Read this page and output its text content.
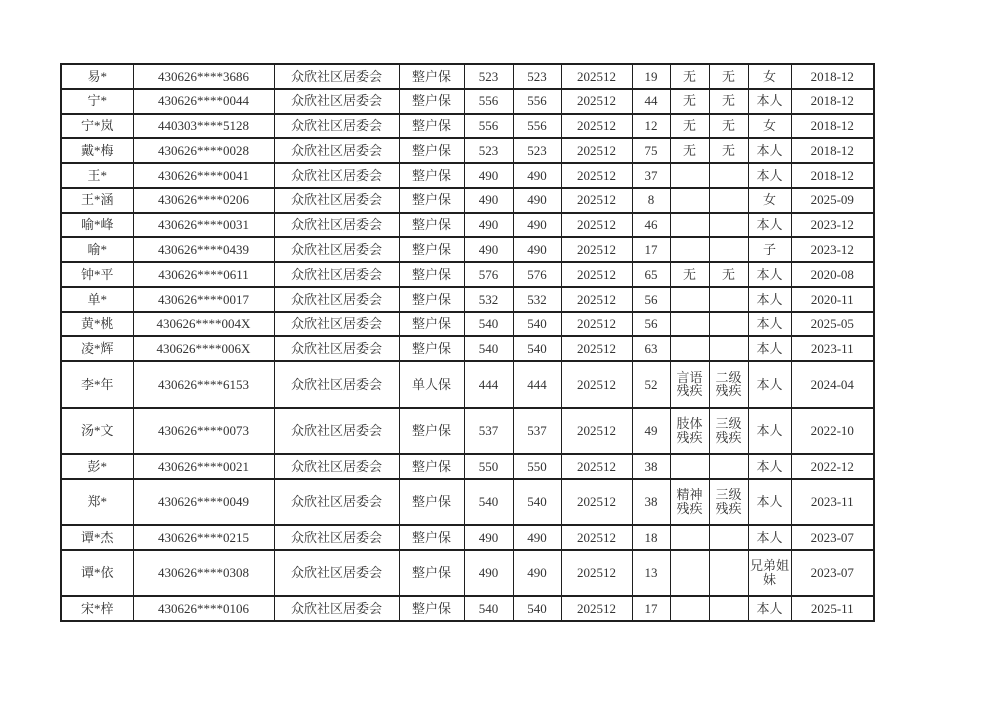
易*	430626****3686	众欣社区居委会	整户保	523	523	202512	19	无	无	女	2018-12
宁*	430626****0044	众欣社区居委会	整户保	556	556	202512	44	无	无	本人	2018-12
宁*岚	440303****5128	众欣社区居委会	整户保	556	556	202512	12	无	无	女	2018-12
戴*梅	430626****0028	众欣社区居委会	整户保	523	523	202512	75	无	无	本人	2018-12
王*	430626****0041	众欣社区居委会	整户保	490	490	202512	37			本人	2018-12
王*涵	430626****0206	众欣社区居委会	整户保	490	490	202512	8			女	2025-09
喻*峰	430626****0031	众欣社区居委会	整户保	490	490	202512	46			本人	2023-12
喻*	430626****0439	众欣社区居委会	整户保	490	490	202512	17			子	2023-12
钟*平	430626****0611	众欣社区居委会	整户保	576	576	202512	65	无	无	本人	2020-08
单*	430626****0017	众欣社区居委会	整户保	532	532	202512	56			本人	2020-11
黄*桃	430626****004X	众欣社区居委会	整户保	540	540	202512	56			本人	2025-05
凌*辉	430626****006X	众欣社区居委会	整户保	540	540	202512	63			本人	2023-11
李*年	430626****6153	众欣社区居委会	单人保	444	444	202512	52	言语残疾	二级残疾	本人	2024-04
汤*文	430626****0073	众欣社区居委会	整户保	537	537	202512	49	肢体残疾	三级残疾	本人	2022-10
彭*	430626****0021	众欣社区居委会	整户保	550	550	202512	38			本人	2022-12
郑*	430626****0049	众欣社区居委会	整户保	540	540	202512	38	精神残疾	三级残疾	本人	2023-11
谭*杰	430626****0215	众欣社区居委会	整户保	490	490	202512	18			本人	2023-07
谭*依	430626****0308	众欣社区居委会	整户保	490	490	202512	13			兄弟姐妹	2023-07
宋*梓	430626****0106	众欣社区居委会	整户保	540	540	202512	17			本人	2025-11
